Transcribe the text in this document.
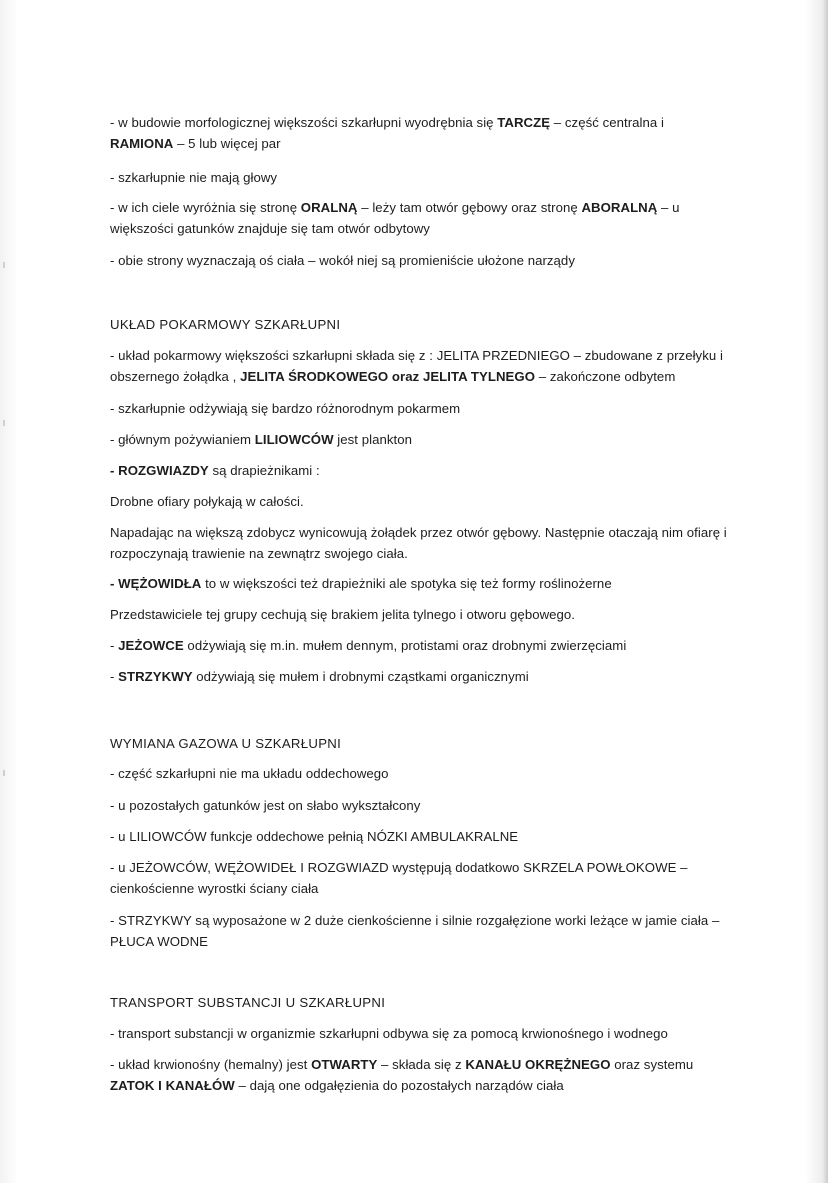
- w budowie morfologicznej większości szkarłupni wyodrębnia się TARCZĘ – część centralna i RAMIONA – 5 lub więcej par

- szkarłupnie nie mają głowy

- w ich ciele wyróżnia się stronę ORALNĄ – leży tam otwór gębowy oraz stronę ABORALNĄ – u większości gatunków znajduje się tam otwór odbytowy

- obie strony wyznaczają oś ciała – wokół niej są promieniście ułożone narządy

UKŁAD POKARMOWY SZKARŁUPNI

- układ pokarmowy większości szkarłupni składa się z : JELITA PRZEDNIEGO – zbudowane z przełyku i obszernego żołądka , JELITA ŚRODKOWEGO oraz JELITA TYLNEGO – zakończone odbytem

- szkarłupnie odżywiają się bardzo różnorodnym pokarmem

- głównym pożywianiem LILIOWCÓW jest plankton

- ROZGWIAZDY są drapieżnikami :

Drobne ofiary połykają w całości.

Napadając na większą zdobycz wynicowują żołądek przez otwór gębowy. Następnie otaczają nim ofiarę i rozpoczynają trawienie na zewnątrz swojego ciała.

- WĘŻOWIDŁA to w większości też drapieżniki ale spotyka się też formy roślinożerne

Przedstawiciele tej grupy cechują się brakiem jelita tylnego i otworu gębowego.

- JEŻOWCE odżywiają się m.in. mułem dennym, protistami oraz drobnymi zwierzęciami

- STRZYKWY odżywiają się mułem i drobnymi cząstkami organicznymi

WYMIANA GAZOWA U SZKARŁUPNI

- część szkarłupni nie ma układu oddechowego

- u pozostałych gatunków jest on słabo wykształcony

- u LILIOWCÓW funkcje oddechowe pełnią NÓZKI AMBULAKRALNE

- u JEŻOWCÓW, WĘŻOWIDEŁ I ROZGWIAZD występują dodatkowo SKRZELA POWŁOKOWE – cienkościenne wyrostki ściany ciała

- STRZYKWY są wyposażone w 2 duże cienkościenne i silnie rozgałęzione worki leżące w jamie ciała – PŁUCA WODNE

TRANSPORT SUBSTANCJI U SZKARŁUPNI

- transport substancji w organizmie szkarłupni odbywa się za pomocą krwionośnego i wodnego

- układ krwionośny (hemalny) jest OTWARTY – składa się z KANAŁU OKRĘŻNEGO oraz systemu ZATOK I KANAŁÓW – dają one odgałęzienia do pozostałych narządów ciała
